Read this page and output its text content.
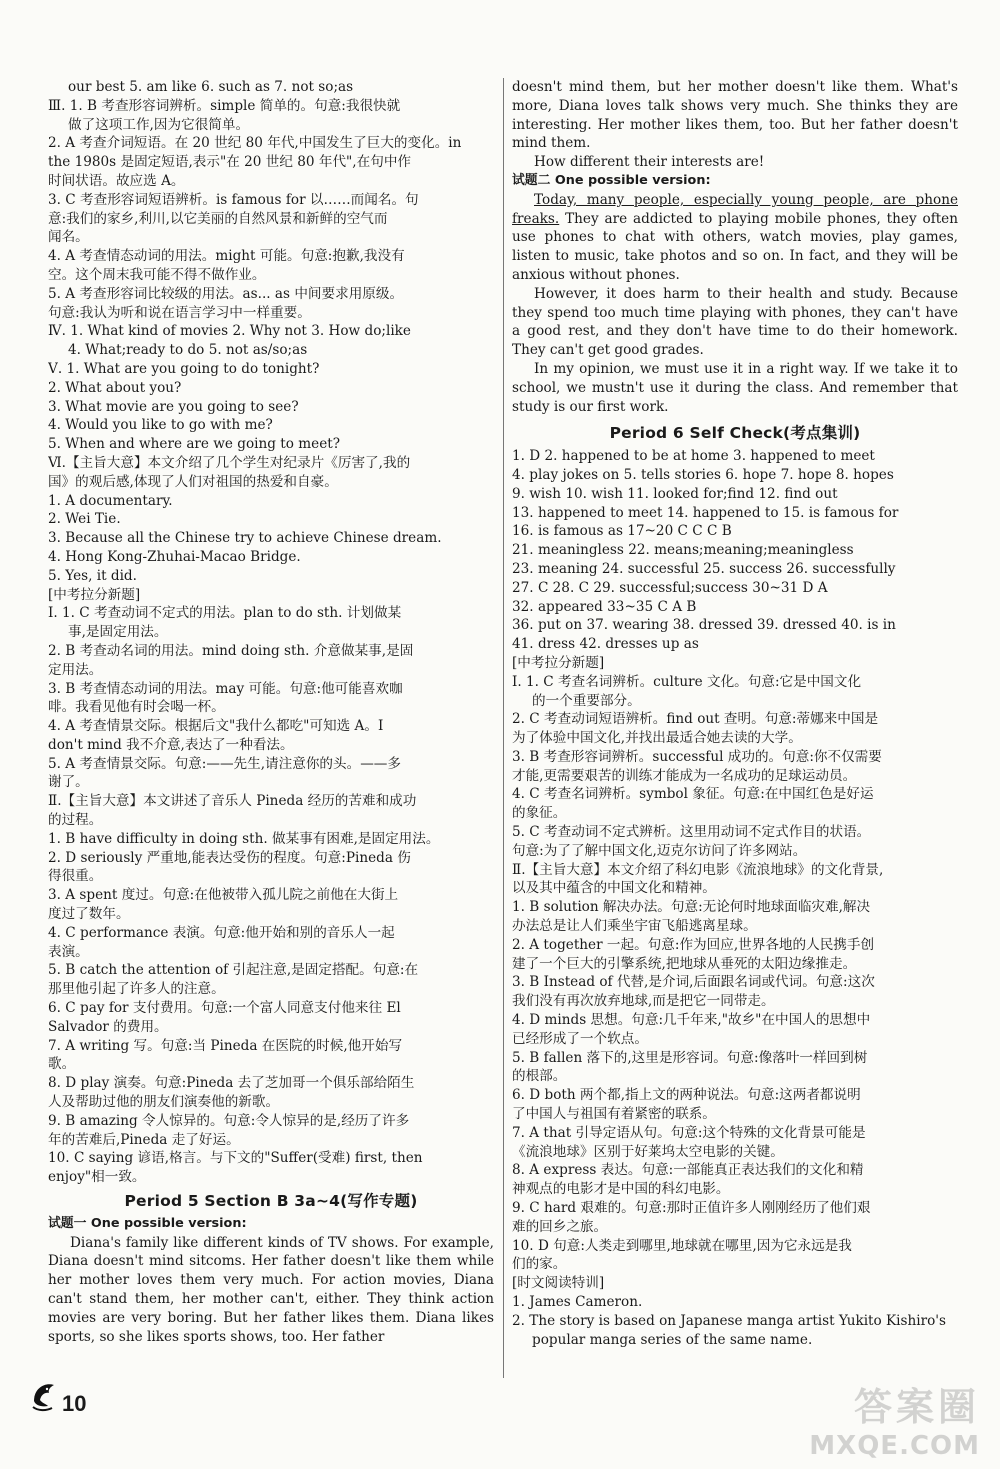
our best 5. am like 6. such as 7. not so;as
Ⅲ. 1. B 考查形容词辨析。simple 简单的。句意:我很快就
做了这项工作,因为它很简单。
2. A 考查介词短语。在 20 世纪 80 年代,中国发生了巨大的变化。in
the 1980s 是固定短语,表示"在 20 世纪 80 年代",在句中作
时间状语。故应选 A。
3. C 考查形容词短语辨析。is famous for 以……而闻名。句
意:我们的家乡,利川,以它美丽的自然风景和新鲜的空气而
闻名。
4. A 考查情态动词的用法。might 可能。句意:抱歉,我没有
空。这个周末我可能不得不做作业。
5. A 考查形容词比较级的用法。as... as 中间要求用原级。
句意:我认为听和说在语言学习中一样重要。
Ⅳ. 1. What kind of movies 2. Why not 3. How do;like
4. What;ready to do 5. not as/so;as
Ⅴ. 1. What are you going to do tonight?
2. What about you?
3. What movie are you going to see?
4. Would you like to go with me?
5. When and where are we going to meet?
Ⅵ.【主旨大意】本文介绍了几个学生对纪录片《厉害了,我的
国》的观后感,体现了人们对祖国的热爱和自豪。
1. A documentary.
2. Wei Tie.
3. Because all the Chinese try to achieve Chinese dream.
4. Hong Kong-Zhuhai-Macao Bridge.
5. Yes, it did.
[中考拉分新题]
Ⅰ. 1. C 考查动词不定式的用法。plan to do sth. 计划做某
事,是固定用法。
2. B 考查动名词的用法。mind doing sth. 介意做某事,是固
定用法。
3. B 考查情态动词的用法。may 可能。句意:他可能喜欢咖
啡。我看见他有时会喝一杯。
4. A 考查情景交际。根据后文"我什么都吃"可知选 A。I
don't mind 我不介意,表达了一种看法。
5. A 考查情景交际。句意:——先生,请注意你的头。——多
谢了。
Ⅱ.【主旨大意】本文讲述了音乐人 Pineda 经历的苦难和成功
的过程。
1. B have difficulty in doing sth. 做某事有困难,是固定用法。
2. D seriously 严重地,能表达受伤的程度。句意:Pineda 伤
得很重。
3. A spent 度过。句意:在他被带入孤儿院之前他在大街上
度过了数年。
4. C performance 表演。句意:他开始和别的音乐人一起
表演。
5. B catch the attention of 引起注意,是固定搭配。句意:在
那里他引起了许多人的注意。
6. C pay for 支付费用。句意:一个富人同意支付他来往 El
Salvador 的费用。
7. A writing 写。句意:当 Pineda 在医院的时候,他开始写
歌。
8. D play 演奏。句意:Pineda 去了芝加哥一个俱乐部给陌生
人及帮助过他的朋友们演奏他的新歌。
9. B amazing 令人惊异的。句意:令人惊异的是,经历了许多
年的苦难后,Pineda 走了好运。
10. C saying 谚语,格言。与下文的"Suffer(受难) first, then
enjoy"相一致。
Period 5 Section B 3a~4(写作专题)
试题一 One possible version:
Diana's family like different kinds of TV shows. For example, Diana doesn't mind sitcoms. Her father doesn't like them while her mother loves them very much. For action movies, Diana can't stand them, her mother can't, either. They think action movies are very boring. But her father likes them. Diana likes sports, so she likes sports shows, too. Her father
doesn't mind them, but her mother doesn't like them. What's more, Diana loves talk shows very much. She thinks they are interesting. Her mother likes them, too. But her father doesn't mind them.
How different their interests are!
试题二 One possible version:
Today, many people, especially young people, are phone freaks. They are addicted to playing mobile phones, they often use phones to chat with others, watch movies, play games, listen to music, take photos and so on. In fact, and they will be anxious without phones.
However, it does harm to their health and study. Because they spend too much time playing with phones, they can't have a good rest, and they don't have time to do their homework. They can't get good grades.
In my opinion, we must use it in a right way. If we take it to school, we mustn't use it during the class. And remember that study is our first work.
Period 6 Self Check(考点集训)
1. D 2. happened to be at home 3. happened to meet
4. play jokes on 5. tells stories 6. hope 7. hope 8. hopes
9. wish 10. wish 11. looked for;find 12. find out
13. happened to meet 14. happened to 15. is famous for
16. is famous as 17~20 C C C B
21. meaningless 22. means;meaning;meaningless
23. meaning 24. successful 25. success 26. successfully
27. C 28. C 29. successful;success 30~31 D A
32. appeared 33~35 C A B
36. put on 37. wearing 38. dressed 39. dressed 40. is in
41. dress 42. dresses up as
[中考拉分新题]
Ⅰ. 1. C 考查名词辨析。culture 文化。句意:它是中国文化
的一个重要部分。
2. C 考查动词短语辨析。find out 查明。句意:蒂娜来中国是
为了体验中国文化,并找出最适合她去读的大学。
3. B 考查形容词辨析。successful 成功的。句意:你不仅需要
才能,更需要艰苦的训练才能成为一名成功的足球运动员。
4. C 考查名词辨析。symbol 象征。句意:在中国红色是好运
的象征。
5. C 考查动词不定式辨析。这里用动词不定式作目的状语。
句意:为了了解中国文化,迈克尔访问了许多网站。
Ⅱ.【主旨大意】本文介绍了科幻电影《流浪地球》的文化背景,
以及其中蕴含的中国文化和精神。
1. B solution 解决办法。句意:无论何时地球面临灾难,解决
办法总是让人们乘坐宇宙飞船逃离星球。
2. A together 一起。句意:作为回应,世界各地的人民携手创
建了一个巨大的引擎系统,把地球从垂死的太阳边缘推走。
3. B Instead of 代替,是介词,后面跟名词或代词。句意:这次
我们没有再次放弃地球,而是把它一同带走。
4. D minds 思想。句意:几千年来,"故乡"在中国人的思想中
已经形成了一个软点。
5. B fallen 落下的,这里是形容词。句意:像落叶一样回到树
的根部。
6. D both 两个都,指上文的两种说法。句意:这两者都说明
了中国人与祖国有着紧密的联系。
7. A that 引导定语从句。句意:这个特殊的文化背景可能是
《流浪地球》区别于好莱坞太空电影的关键。
8. A express 表达。句意:一部能真正表达我们的文化和精
神观点的电影才是中国的科幻电影。
9. C hard 艰难的。句意:那时正值许多人刚刚经历了他们艰
难的回乡之旅。
10. D 句意:人类走到哪里,地球就在哪里,因为它永远是我
们的家。
[时文阅读特训]
1. James Cameron.
2. The story is based on Japanese manga artist Yukito Kishiro's
popular manga series of the same name.
10	答案圈
MXQE.COM
